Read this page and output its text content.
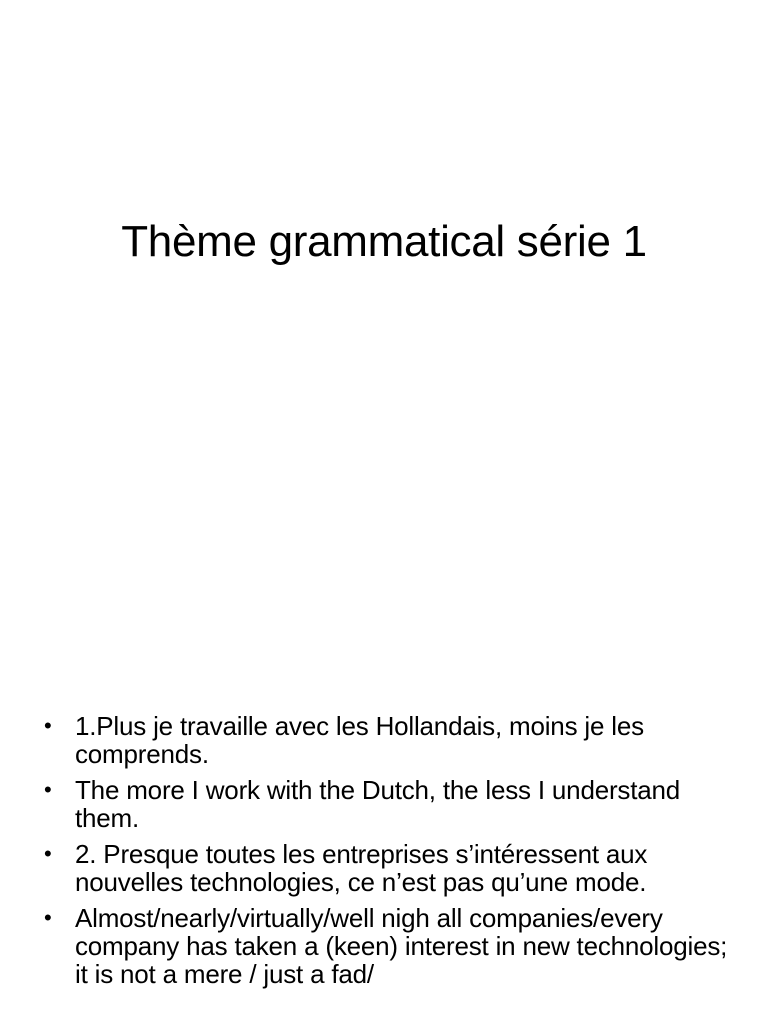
Thème grammatical série 1
• 1.Plus je travaille avec les Hollandais, moins je les comprends.
• The more I work with the Dutch, the less I understand them.
• 2. Presque toutes les entreprises s’intéressent aux nouvelles technologies, ce n’est pas qu’une mode.
• Almost/nearly/virtually/well nigh all companies/every company has taken a (keen) interest in new technologies; it is not a mere / just a fad/
